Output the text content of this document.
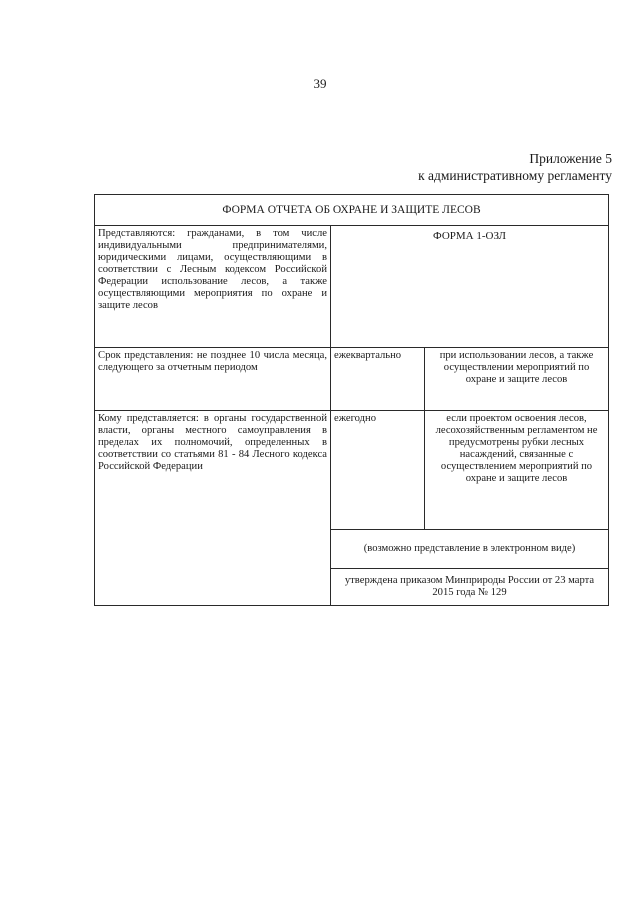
39
Приложение 5
к административному регламенту
ФОРМА ОТЧЕТА ОБ ОХРАНЕ И ЗАЩИТЕ ЛЕСОВ		
Представляются: гражданами, в том числе индивидуальными предпринимателями, юридическими лицами, осуществляющими в соответствии с Лесным кодексом Российской Федерации использование лесов, а также осуществляющими мероприятия по охране и защите лесов	ФОРМА 1-ОЗЛ	
Срок представления: не позднее 10 числа месяца, следующего за отчетным периодом	ежеквартально	при использовании лесов, а также осуществлении мероприятий по охране и защите лесов
Кому представляется: в органы государственной власти, органы местного самоуправления в пределах их полномочий, определенных в соответствии со статьями 81 - 84 Лесного кодекса Российской Федерации	ежегодно	если проектом освоения лесов, лесохозяйственным регламентом не предусмотрены рубки лесных насаждений, связанные с осуществлением мероприятий по охране и защите лесов
	(возможно представление в электронном виде)	
	утверждена приказом Минприроды России от 23 марта 2015 года № 129	
